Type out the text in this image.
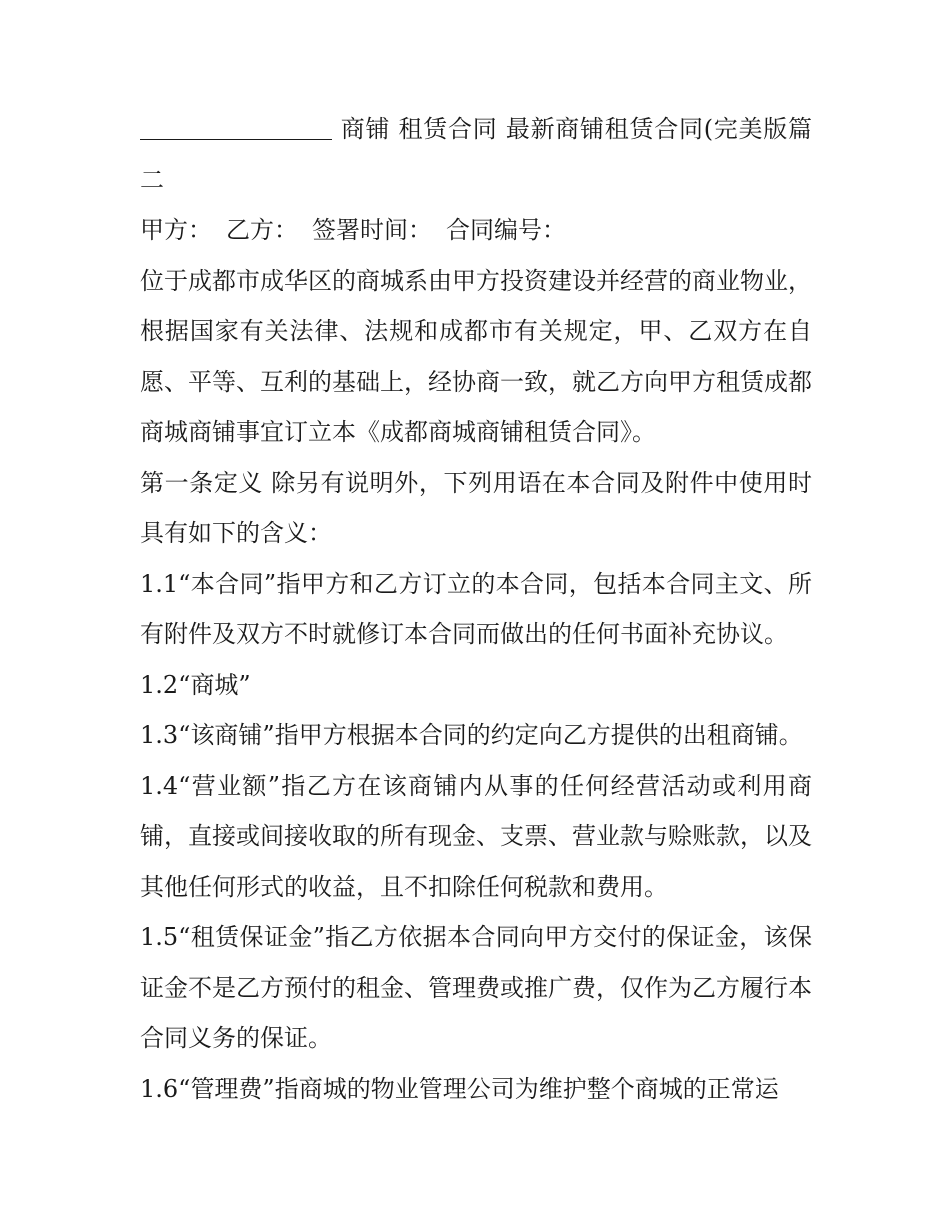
商铺 租赁合同 最新商铺租赁合同(完美版篇二

甲方： 乙方： 签署时间： 合同编号：

位于成都市成华区的商城系由甲方投资建设并经营的商业物业，根据国家有关法律、法规和成都市有关规定，甲、乙双方在自愿、平等、互利的基础上，经协商一致，就乙方向甲方租赁成都商城商铺事宜订立本《成都商城商铺租赁合同》。

第一条定义 除另有说明外，下列用语在本合同及附件中使用时具有如下的含义：

1.1“本合同”指甲方和乙方订立的本合同，包括本合同主文、所有附件及双方不时就修订本合同而做出的任何书面补充协议。

1.2“商城”

1.3“该商铺”指甲方根据本合同的约定向乙方提供的出租商铺。

1.4“营业额”指乙方在该商铺内从事的任何经营活动或利用商铺，直接或间接收取的所有现金、支票、营业款与赊账款，以及其他任何形式的收益，且不扣除任何税款和费用。

1.5“租赁保证金”指乙方依据本合同向甲方交付的保证金，该保证金不是乙方预付的租金、管理费或推广费，仅作为乙方履行本合同义务的保证。

1.6“管理费”指商城的物业管理公司为维护整个商城的正常运
